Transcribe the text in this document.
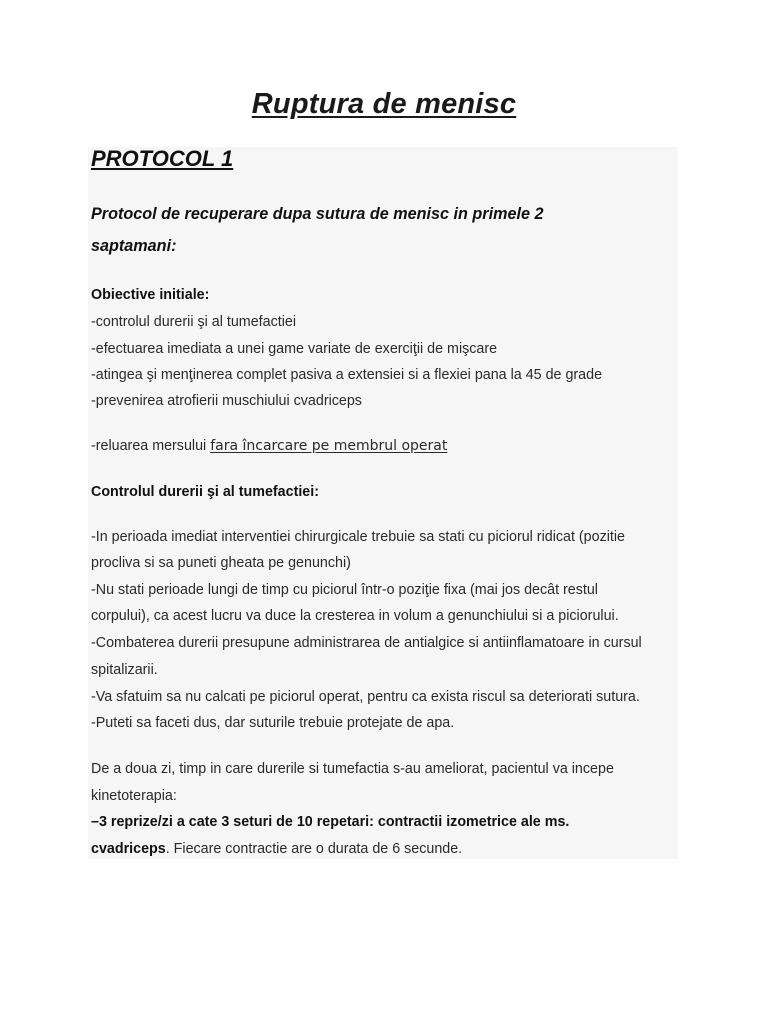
Ruptura de menisc
PROTOCOL 1
Protocol de recuperare dupa sutura de menisc in primele 2
saptamani:
Obiective initiale:
-controlul durerii şi al tumefactiei
-efectuarea imediata a unei game variate de exerciţii de mişcare
-atingea şi menţinerea complet pasiva a extensiei si a flexiei pana la 45 de grade
-prevenirea atrofierii muschiului cvadriceps
-reluarea mersului fara încarcare pe membrul operat
Controlul durerii şi al tumefactiei:
-In perioada imediat interventiei chirurgicale trebuie sa stati cu piciorul ridicat (pozitie
procliva si sa puneti gheata pe genunchi)
-Nu stati perioade lungi de timp cu piciorul într-o poziţie fixa (mai jos decât restul
corpului), ca acest lucru va duce la cresterea in volum a genunchiului si a piciorului.
-Combaterea durerii presupune administrarea de antialgice si antiinflamatoare in cursul
spitalizarii.
-Va sfatuim sa nu calcati pe piciorul operat, pentru ca exista riscul sa deteriorati sutura.
-Puteti sa faceti dus, dar suturile trebuie protejate de apa.
De a doua zi, timp in care durerile si tumefactia s-au ameliorat, pacientul va incepe
kinetoterapia:
–3 reprize/zi a cate 3 seturi de 10 repetari: contractii izometrice ale ms.
cvadriceps. Fiecare contractie are o durata de 6 secunde.
